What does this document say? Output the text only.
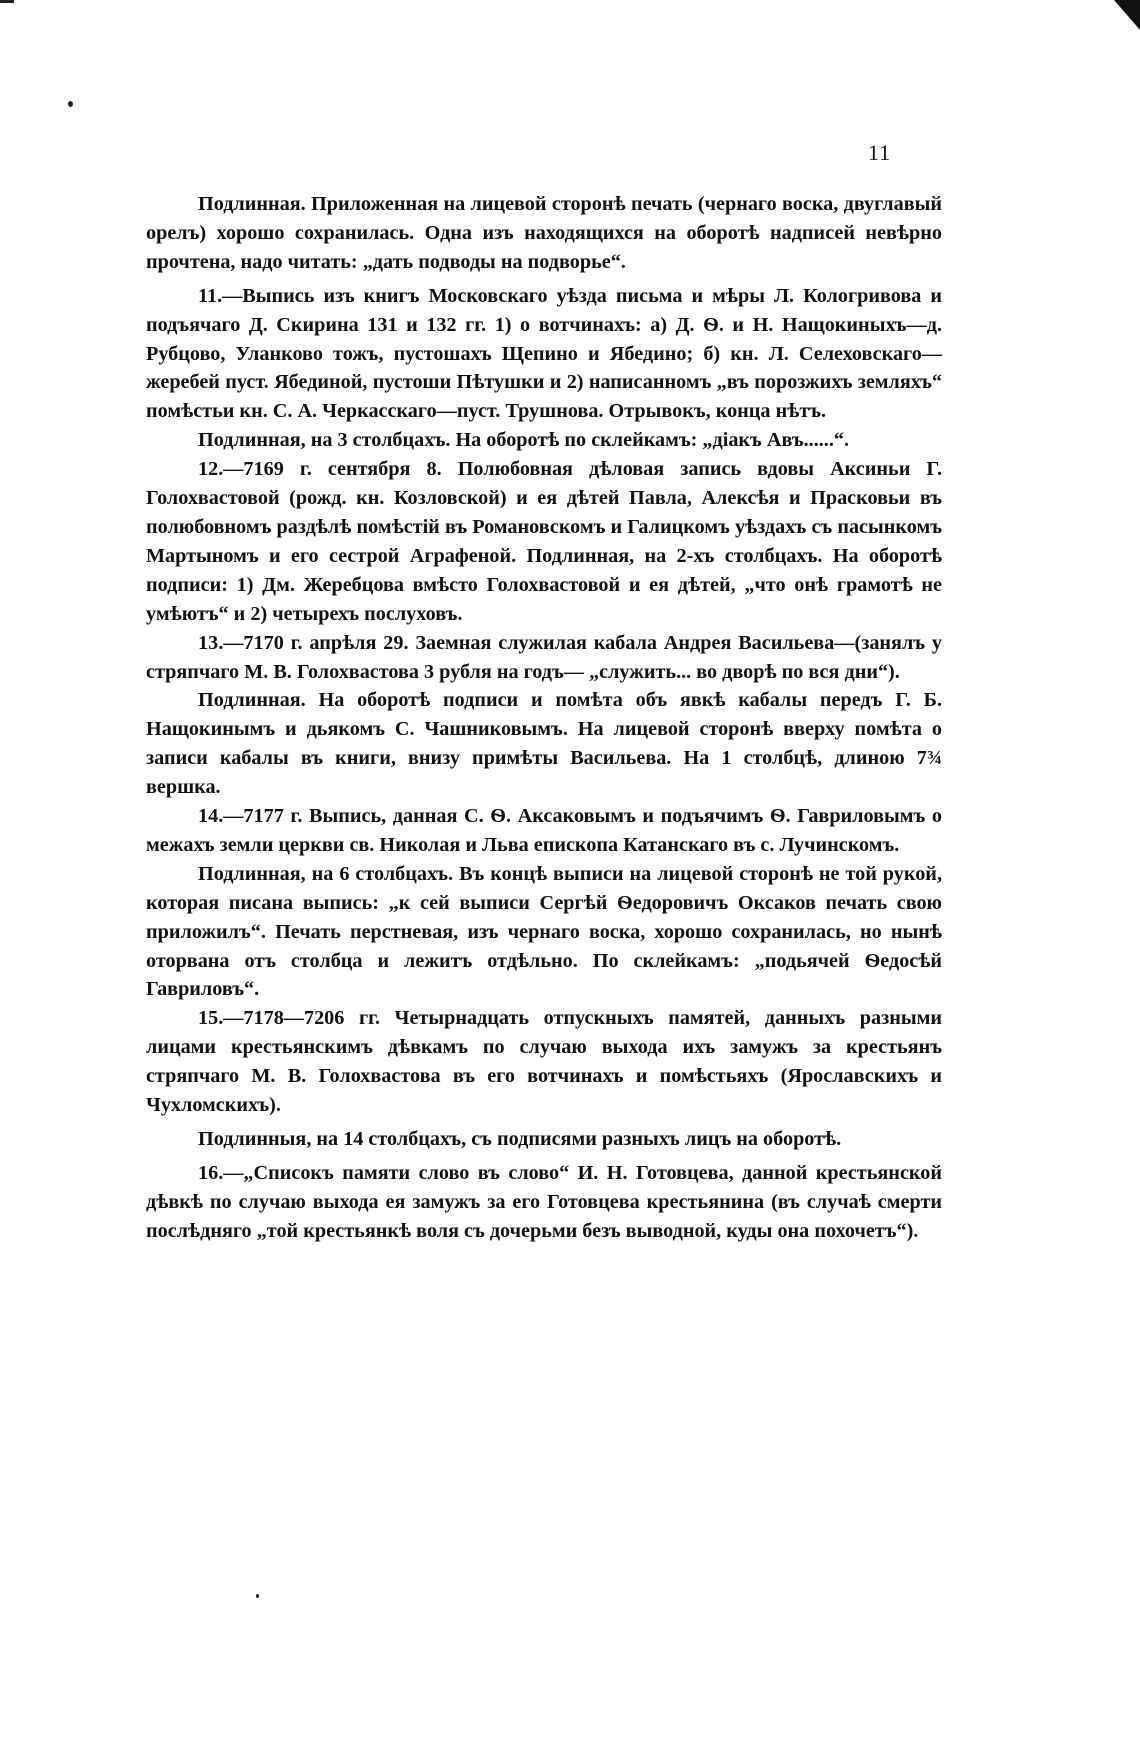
11

Подлинная. Приложенная на лицевой сторонѣ печать (чернаго воска, двуглавый орелъ) хорошо сохранилась. Одна изъ находящихся на оборотѣ надписей невѣрно прочтена, надо читать: „дать подводы на подворье“.

11.—Выпись изъ книгъ Московскаго уѣзда письма и мѣры Л. Кологривова и подъячаго Д. Скирина 131 и 132 гг. 1) о вотчинахъ: а) Д. Ѳ. и Н. Нащокиныхъ—д. Рубцово, Уланково тожъ, пустошахъ Щепино и Ябедино; б) кн. Л. Селеховскаго—жеребей пуст. Ябединой, пустоши Пѣтушки и 2) написанномъ „въ порозжихъ земляхъ“ помѣстьи кн. С. А. Черкасскаго—пуст. Трушнова. Отрывокъ, конца нѣтъ.

Подлинная, на 3 столбцахъ. На оборотѣ по склейкамъ: „діакъ Авъ......“.

12.—7169 г. сентября 8. Полюбовная дѣловая запись вдовы Аксиньи Г. Голохвастовой (рожд. кн. Козловской) и ея дѣтей Павла, Алексѣя и Прасковьи въ полюбовномъ раздѣлѣ помѣстій въ Романовскомъ и Галицкомъ уѣздахъ съ пасынкомъ Мартыномъ и его сестрой Аграфеной. Подлинная, на 2-хъ столбцахъ. На оборотѣ подписи: 1) Дм. Жеребцова вмѣсто Голохвастовой и ея дѣтей, „что онѣ грамотѣ не умѣютъ“ и 2) четырехъ послуховъ.

13.—7170 г. апрѣля 29. Заемная служилая кабала Андрея Васильева—(занялъ у стряпчаго М. В. Голохвастова 3 рубля на годъ— „служить... во дворѣ по вся дни“).

Подлинная. На оборотѣ подписи и помѣта объ явкѣ кабалы передъ Г. Б. Нащокинымъ и дьякомъ С. Чашниковымъ. На лицевой сторонѣ вверху помѣта о записи кабалы въ книги, внизу примѣты Васильева. На 1 столбцѣ, длиною 7¾ вершка.

14.—7177 г. Выпись, данная С. Ѳ. Аксаковымъ и подъячимъ Ѳ. Гавриловымъ о межахъ земли церкви св. Николая и Льва епископа Катанскаго въ с. Лучинскомъ.

Подлинная, на 6 столбцахъ. Въ концѣ выписи на лицевой сторонѣ не той рукой, которая писана выпись: „к сей выписи Сергѣй Ѳедоровичъ Оксаков печать свою приложилъ“. Печать перстневая, изъ чернаго воска, хорошо сохранилась, но нынѣ оторвана отъ столбца и лежитъ отдѣльно. По склейкамъ: „подьячей Ѳедосѣй Гавриловъ“.

15.—7178—7206 гг. Четырнадцать отпускныхъ памятей, данныхъ разными лицами крестьянскимъ дѣвкамъ по случаю выхода ихъ замужъ за крестьянъ стряпчаго М. В. Голохвастова въ его вотчинахъ и помѣстьяхъ (Ярославскихъ и Чухломскихъ).

Подлинныя, на 14 столбцахъ, съ подписями разныхъ лицъ на оборотѣ.

16.—„Списокъ памяти слово въ слово“ И. Н. Готовцева, данной крестьянской дѣвкѣ по случаю выхода ея замужъ за его Готовцева крестьянина (въ случаѣ смерти послѣдняго „той крестьянкѣ воля съ дочерьми безъ выводной, куды она похочетъ“).
